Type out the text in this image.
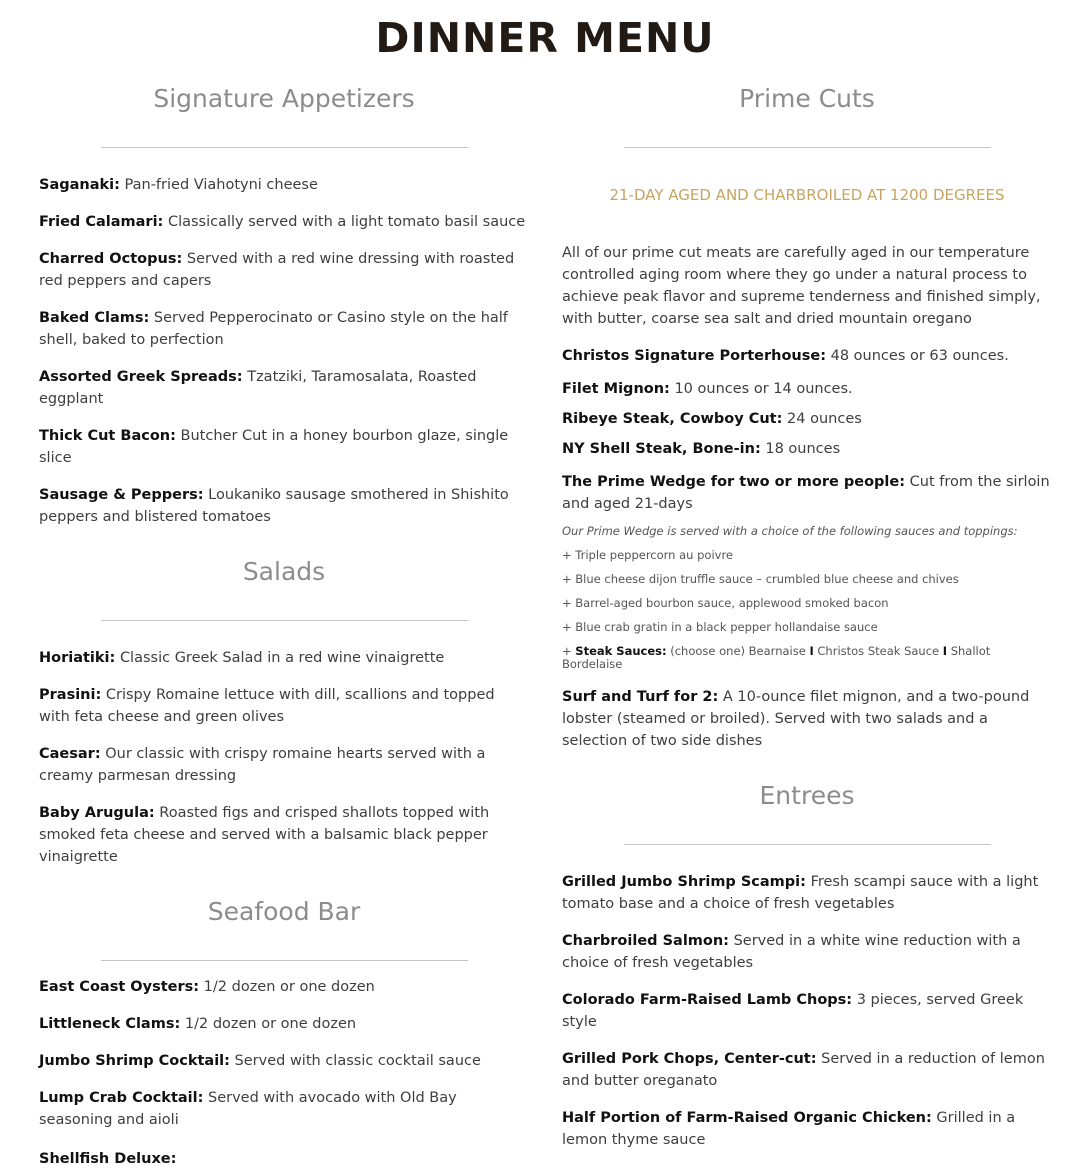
DINNER MENU
Signature Appetizers

Saganaki: Pan-fried Viahotyni cheese

Fried Calamari: Classically served with a light tomato basil sauce

Charred Octopus: Served with a red wine dressing with roasted red peppers and capers

Baked Clams: Served Pepperocinato or Casino style on the half shell, baked to perfection

Assorted Greek Spreads: Tzatziki, Taramosalata, Roasted eggplant

Thick Cut Bacon: Butcher Cut in a honey bourbon glaze, single slice

Sausage & Peppers: Loukaniko sausage smothered in Shishito peppers and blistered tomatoes

Salads

Horiatiki: Classic Greek Salad in a red wine vinaigrette

Prasini: Crispy Romaine lettuce with dill, scallions and topped with feta cheese and green olives

Caesar: Our classic with crispy romaine hearts served with a creamy parmesan dressing

Baby Arugula: Roasted figs and crisped shallots topped with smoked feta cheese and served with a balsamic black pepper vinaigrette

Seafood Bar

East Coast Oysters: 1/2 dozen or one dozen

Littleneck Clams: 1/2 dozen or one dozen

Jumbo Shrimp Cocktail: Served with classic cocktail sauce

Lump Crab Cocktail: Served with avocado with Old Bay seasoning and aioli

Shellfish Deluxe:

Prime Cuts

21-DAY AGED AND CHARBROILED AT 1200 DEGREES

All of our prime cut meats are carefully aged in our temperature controlled aging room where they go under a natural process to achieve peak flavor and supreme tenderness and finished simply, with butter, coarse sea salt and dried mountain oregano

Christos Signature Porterhouse: 48 ounces or 63 ounces.

Filet Mignon: 10 ounces or 14 ounces.

Ribeye Steak, Cowboy Cut: 24 ounces

NY Shell Steak, Bone-in: 18 ounces

The Prime Wedge for two or more people: Cut from the sirloin and aged 21-days

Our Prime Wedge is served with a choice of the following sauces and toppings:

+ Triple peppercorn au poivre

+ Blue cheese dijon truffle sauce – crumbled blue cheese and chives

+ Barrel-aged bourbon sauce, applewood smoked bacon

+ Blue crab gratin in a black pepper hollandaise sauce

+ Steak Sauces: (choose one) Bearnaise I Christos Steak Sauce I Shallot Bordelaise

Surf and Turf for 2: A 10-ounce filet mignon, and a two-pound lobster (steamed or broiled). Served with two salads and a selection of two side dishes

Entrees

Grilled Jumbo Shrimp Scampi: Fresh scampi sauce with a light tomato base and a choice of fresh vegetables

Charbroiled Salmon: Served in a white wine reduction with a choice of fresh vegetables

Colorado Farm-Raised Lamb Chops: 3 pieces, served Greek style

Grilled Pork Chops, Center-cut: Served in a reduction of lemon and butter oreganato

Half Portion of Farm-Raised Organic Chicken: Grilled in a lemon thyme sauce
